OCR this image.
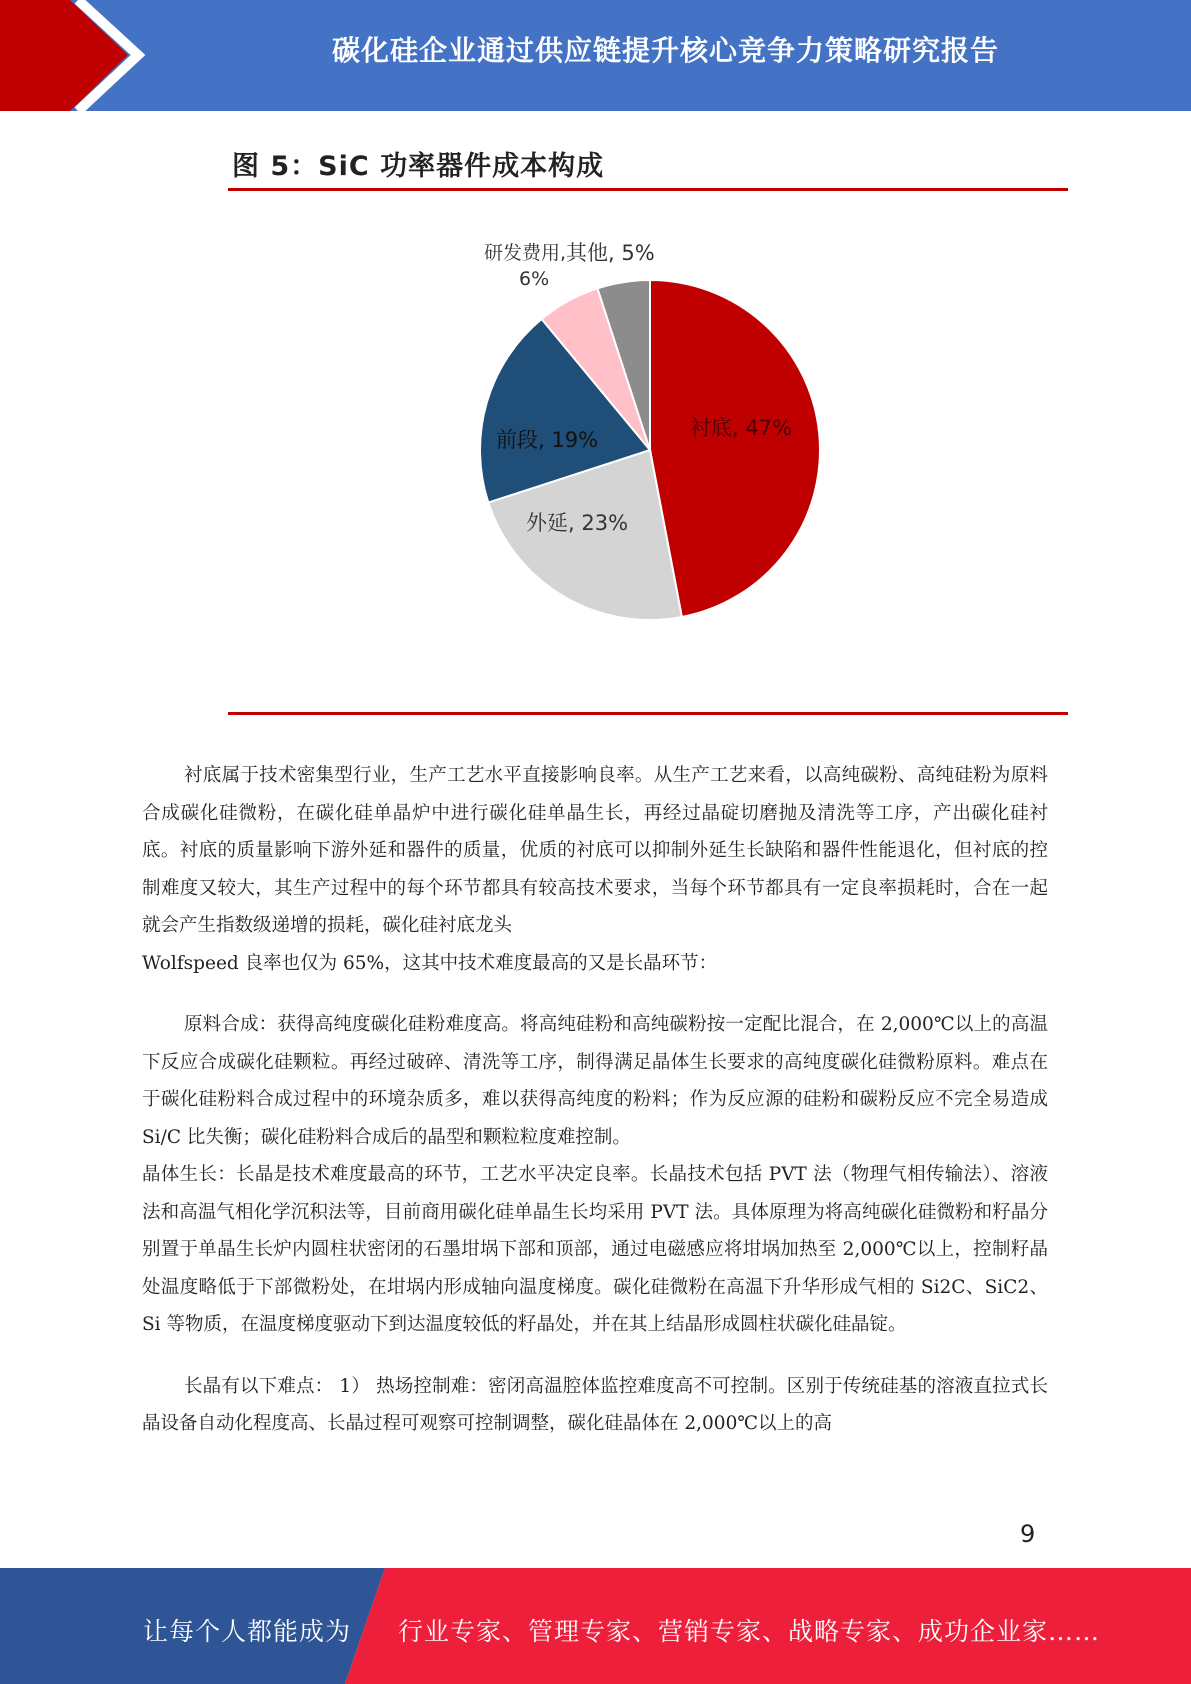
碳化硅企业通过供应链提升核心竞争力策略研究报告
图 5：SiC 功率器件成本构成
衬底, 47%
外延, 23%
前段, 19%
研发费用,
6%
其他, 5%

衬底属于技术密集型行业，生产工艺水平直接影响良率。从生产工艺来看，以高纯碳粉、高纯硅粉为原料合成碳化硅微粉，在碳化硅单晶炉中进行碳化硅单晶生长，再经过晶碇切磨抛及清洗等工序，产出碳化硅衬底。衬底的质量影响下游外延和器件的质量，优质的衬底可以抑制外延生长缺陷和器件性能退化，但衬底的控制难度又较大，其生产过程中的每个环节都具有较高技术要求，当每个环节都具有一定良率损耗时，合在一起就会产生指数级递增的损耗，碳化硅衬底龙头

Wolfspeed 良率也仅为 65%，这其中技术难度最高的又是长晶环节：

原料合成：获得高纯度碳化硅粉难度高。将高纯硅粉和高纯碳粉按一定配比混合，在 2,000℃以上的高温下反应合成碳化硅颗粒。再经过破碎、清洗等工序，制得满足晶体生长要求的高纯度碳化硅微粉原料。难点在于碳化硅粉料合成过程中的环境杂质多，难以获得高纯度的粉料；作为反应源的硅粉和碳粉反应不完全易造成 Si/C 比失衡；碳化硅粉料合成后的晶型和颗粒粒度难控制。

晶体生长：长晶是技术难度最高的环节，工艺水平决定良率。长晶技术包括 PVT 法（物理气相传输法）、溶液法和高温气相化学沉积法等，目前商用碳化硅单晶生长均采用 PVT 法。具体原理为将高纯碳化硅微粉和籽晶分别置于单晶生长炉内圆柱状密闭的石墨坩埚下部和顶部，通过电磁感应将坩埚加热至 2,000℃以上，控制籽晶处温度略低于下部微粉处，在坩埚内形成轴向温度梯度。碳化硅微粉在高温下升华形成气相的 Si2C、SiC2、Si 等物质，在温度梯度驱动下到达温度较低的籽晶处，并在其上结晶形成圆柱状碳化硅晶锭。

长晶有以下难点： 1） 热场控制难：密闭高温腔体监控难度高不可控制。区别于传统硅基的溶液直拉式长晶设备自动化程度高、长晶过程可观察可控制调整，碳化硅晶体在 2,000℃以上的高

9
让每个人都能成为 行业专家、管理专家、营销专家、战略专家、成功企业家……
